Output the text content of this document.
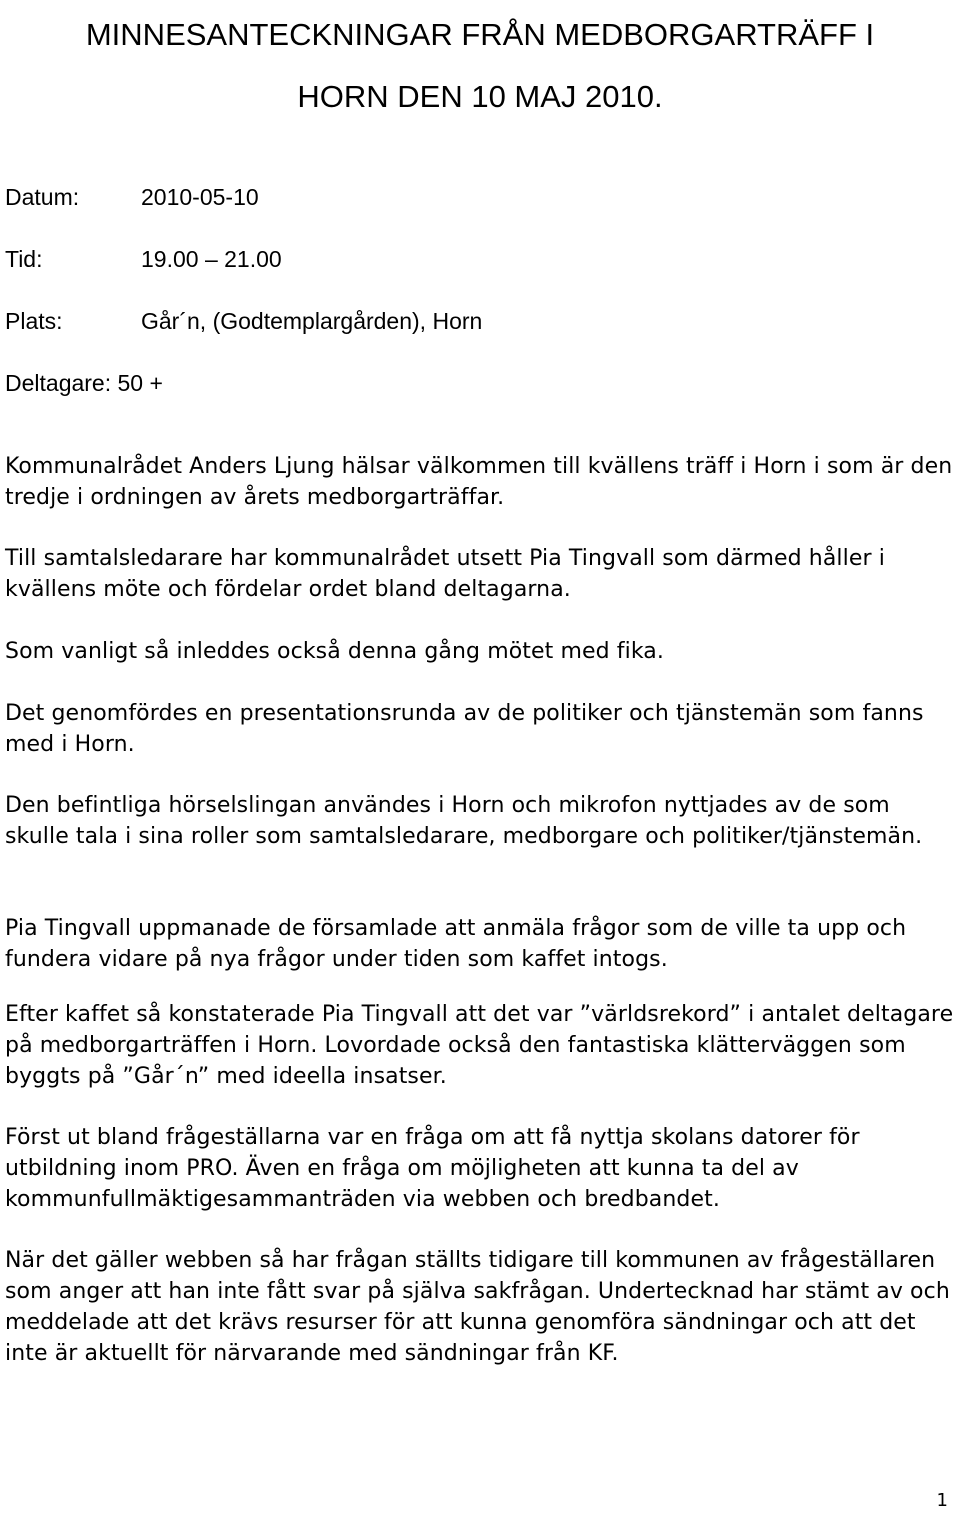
MINNESANTECKNINGAR FRÅN MEDBORGARTRÄFF I
HORN DEN 10 MAJ 2010.
Datum:	2010-05-10
Tid:	19.00 – 21.00
Plats:	Går´n, (Godtemplargården), Horn
Deltagare: 50 +

Kommunalrådet Anders Ljung hälsar välkommen till kvällens träff i Horn i som är den tredje i ordningen av årets medborgarträffar.

Till samtalsledarare har kommunalrådet utsett Pia Tingvall som därmed håller i kvällens möte och fördelar ordet bland deltagarna.

Som vanligt så inleddes också denna gång mötet med fika.

Det genomfördes en presentationsrunda av de politiker och tjänstemän som fanns med i Horn.

Den befintliga hörselslingan användes i Horn och mikrofon nyttjades av de som skulle tala i sina roller som samtalsledarare, medborgare och politiker/tjänstemän.

Pia Tingvall uppmanade de församlade att anmäla frågor som de ville ta upp och fundera vidare på nya frågor under tiden som kaffet intogs.

Efter kaffet så konstaterade Pia Tingvall att det var ”världsrekord” i antalet deltagare på medborgarträffen i Horn. Lovordade också den fantastiska klätterväggen som byggts på ”Går´n” med ideella insatser.

Först ut bland frågeställarna var en fråga om att få nyttja skolans datorer för utbildning inom PRO. Även en fråga om möjligheten att kunna ta del av kommunfullmäktigesammanträden via webben och bredbandet.

När det gäller webben så har frågan ställts tidigare till kommunen av frågeställaren som anger att han inte fått svar på själva sakfrågan. Undertecknad har stämt av och meddelade att det krävs resurser för att kunna genomföra sändningar och att det inte är aktuellt för närvarande med sändningar från KF.

1
